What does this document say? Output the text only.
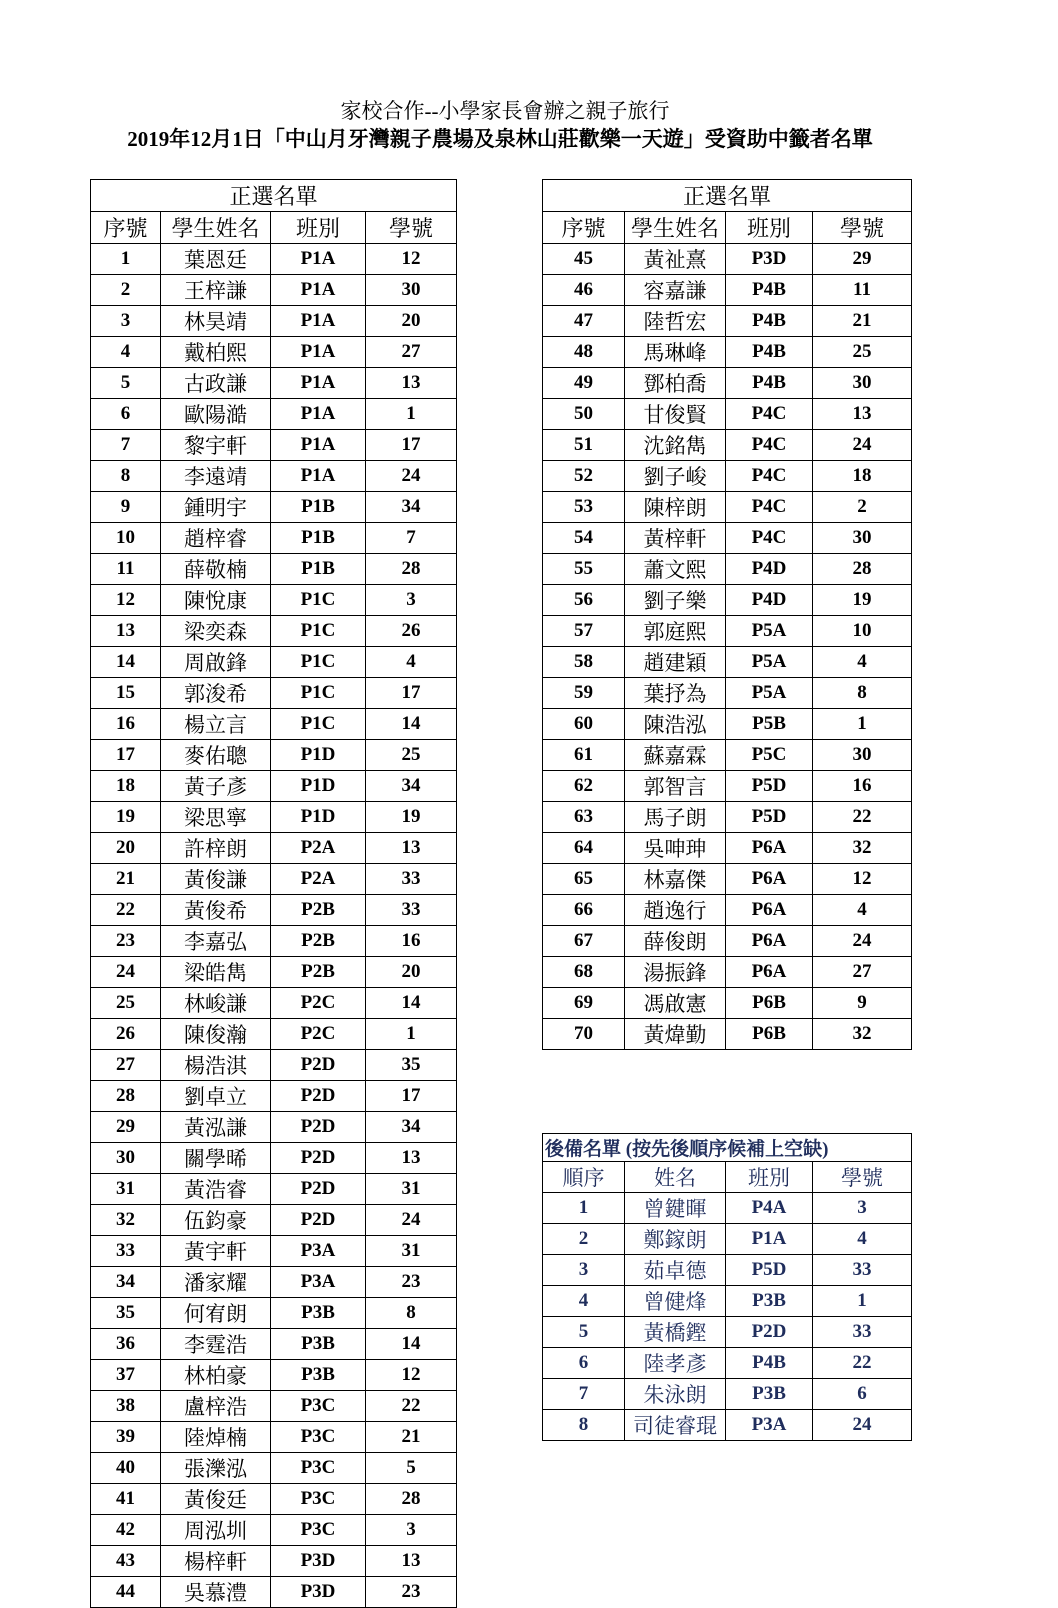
家校合作--小學家長會辦之親子旅行
2019年12月1日「中山月牙灣親子農場及泉林山莊歡樂一天遊」受資助中籤者名單
正選名單			
序號	學生姓名	班別	學號
1	葉恩廷	P1A	12
2	王梓謙	P1A	30
3	林昊靖	P1A	20
4	戴柏熙	P1A	27
5	古政謙	P1A	13
6	歐陽澔	P1A	1
7	黎宇軒	P1A	17
8	李遠靖	P1A	24
9	鍾明宇	P1B	34
10	趙梓睿	P1B	7
11	薛敬楠	P1B	28
12	陳悅康	P1C	3
13	梁奕森	P1C	26
14	周啟鋒	P1C	4
15	郭浚希	P1C	17
16	楊立言	P1C	14
17	麥佑聰	P1D	25
18	黃子彥	P1D	34
19	梁思寧	P1D	19
20	許梓朗	P2A	13
21	黃俊謙	P2A	33
22	黃俊希	P2B	33
23	李嘉弘	P2B	16
24	梁皓雋	P2B	20
25	林峻謙	P2C	14
26	陳俊瀚	P2C	1
27	楊浩淇	P2D	35
28	劉卓立	P2D	17
29	黃泓謙	P2D	34
30	關學晞	P2D	13
31	黃浩睿	P2D	31
32	伍鈞豪	P2D	24
33	黃宇軒	P3A	31
34	潘家耀	P3A	23
35	何宥朗	P3B	8
36	李霆浩	P3B	14
37	林柏豪	P3B	12
38	盧梓浩	P3C	22
39	陸焯楠	P3C	21
40	張濼泓	P3C	5
41	黃俊廷	P3C	28
42	周泓圳	P3C	3
43	楊梓軒	P3D	13
44	吳慕澧	P3D	23
正選名單			
序號	學生姓名	班別	學號
45	黃祉熹	P3D	29
46	容嘉謙	P4B	11
47	陸哲宏	P4B	21
48	馬琳峰	P4B	25
49	鄧柏喬	P4B	30
50	甘俊賢	P4C	13
51	沈銘雋	P4C	24
52	劉子峻	P4C	18
53	陳梓朗	P4C	2
54	黃梓軒	P4C	30
55	蕭文熙	P4D	28
56	劉子樂	P4D	19
57	郭庭熙	P5A	10
58	趙建穎	P5A	4
59	葉抒為	P5A	8
60	陳浩泓	P5B	1
61	蘇嘉霖	P5C	30
62	郭智言	P5D	16
63	馬子朗	P5D	22
64	吳呻珅	P6A	32
65	林嘉傑	P6A	12
66	趙逸行	P6A	4
67	薛俊朗	P6A	24
68	湯振鋒	P6A	27
69	馮啟憲	P6B	9
70	黃煒勤	P6B	32
後備名單 (按先後順序候補上空缺)			
順序	姓名	班別	學號
1	曾鍵暉	P4A	3
2	鄭鎵朗	P1A	4
3	茹卓德	P5D	33
4	曾健烽	P3B	1
5	黃橋鏗	P2D	33
6	陸孝彥	P4B	22
7	朱泳朗	P3B	6
8	司徒睿琨	P3A	24
